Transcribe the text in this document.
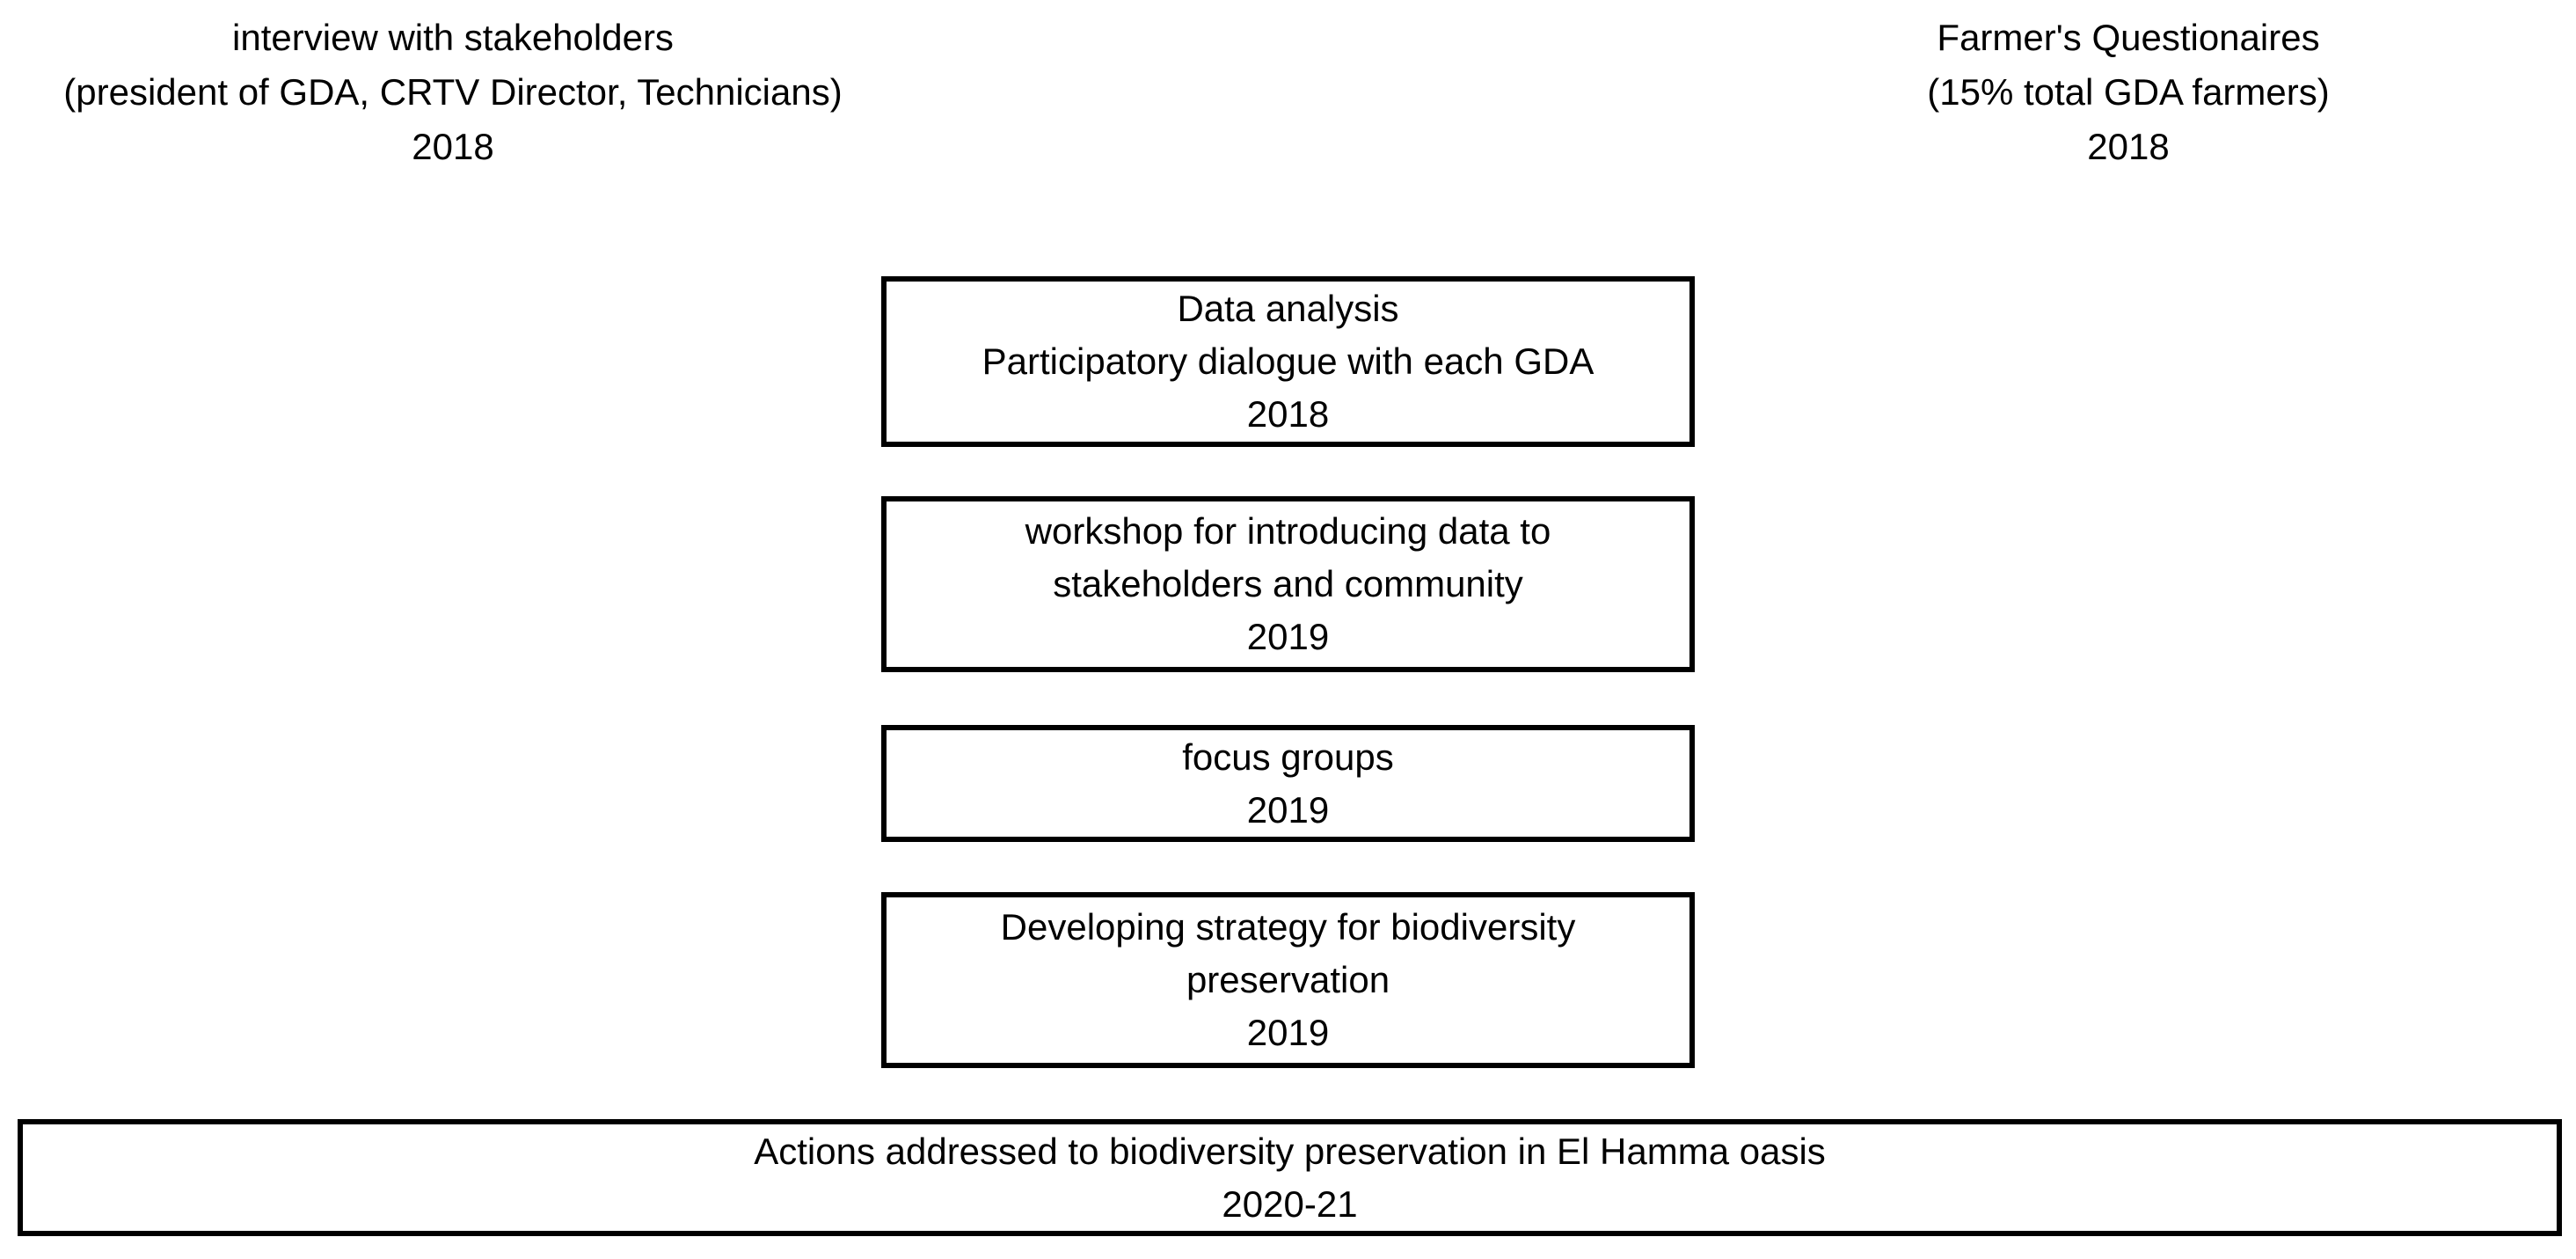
interview with stakeholders
(president of GDA, CRTV Director, Technicians)
2018
Farmer's Questionaires
(15% total GDA farmers)
2018
Data analysis
Participatory dialogue with each GDA
2018
workshop for introducing data to
stakeholders and community
2019
focus groups
2019
Developing strategy for biodiversity
preservation
2019
Actions addressed to biodiversity preservation in El Hamma oasis
2020-21
